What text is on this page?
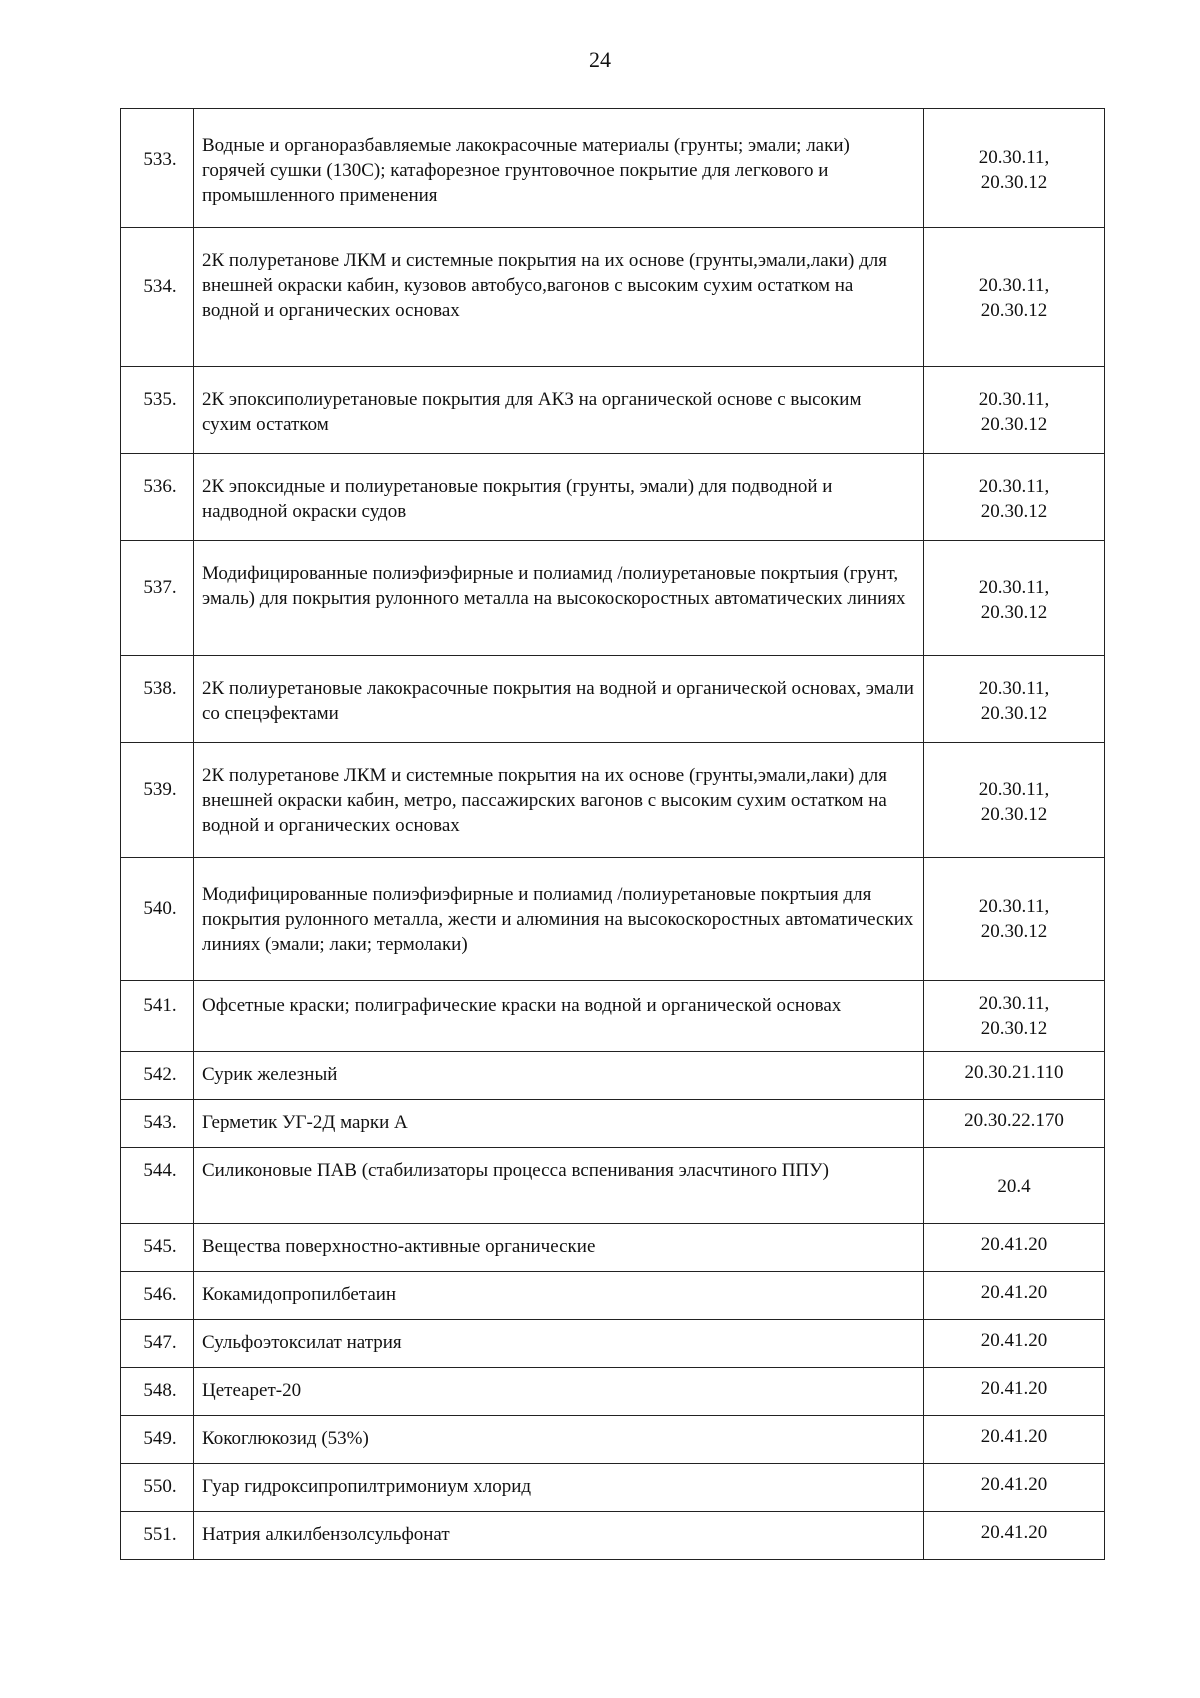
24
533.	Водные и органоразбавляемые лакокрасочные материалы (грунты; эмали; лаки) горячей сушки (130С); катафорезное грунтовочное покрытие для легкового и промышленного применения	20.30.11,
20.30.12

534.	2К полуретанове ЛКМ и системные покрытия на их основе (грунты,эмали,лаки) для внешней окраски кабин, кузовов автобусо,вагонов с высоким сухим остатком на водной и органических основах	20.30.11,
20.30.12

535.	2К эпоксиполиуретановые покрытия для АКЗ на органической основе с высоким сухим остатком	20.30.11,
20.30.12

536.	2К эпоксидные и полиуретановые покрытия (грунты, эмали) для подводной и надводной окраски судов	20.30.11,
20.30.12

537.	Модифицированные полиэфиэфирные и полиамид /полиуретановые покртыия (грунт, эмаль) для покрытия рулонного металла на высокоскоростных автоматических линиях	20.30.11,
20.30.12

538.	2К полиуретановые лакокрасочные покрытия на водной и органической основах, эмали со спецэфектами	20.30.11,
20.30.12

539.	2К полуретанове ЛКМ и системные покрытия на их основе (грунты,эмали,лаки) для внешней окраски кабин, метро, пассажирских вагонов с высоким сухим остатком на водной и органических основах	20.30.11,
20.30.12

540.	Модифицированные полиэфиэфирные и полиамид /полиуретановые покртыия для покрытия рулонного металла, жести и алюминия на высокоскоростных автоматических линиях (эмали; лаки; термолаки)	20.30.11,
20.30.12

541.	Офсетные краски; полиграфические краски на водной и органической основах	20.30.11,
20.30.12

542.	Сурик железный	20.30.21.110

543.	Герметик УГ-2Д марки А	20.30.22.170

544.	Силиконовые ПАВ (стабилизаторы процесса вспенивания эласчтиного ППУ)	20.4

545.	Вещества поверхностно-активные органические	20.41.20

546.	Кокамидопропилбетаин	20.41.20

547.	Сульфоэтоксилат натрия	20.41.20

548.	Цетеарет-20	20.41.20

549.	Кокоглюкозид (53%)	20.41.20

550.	Гуар гидроксипропилтримониум хлорид	20.41.20

551.	Натрия алкилбензолсульфонат	20.41.20
